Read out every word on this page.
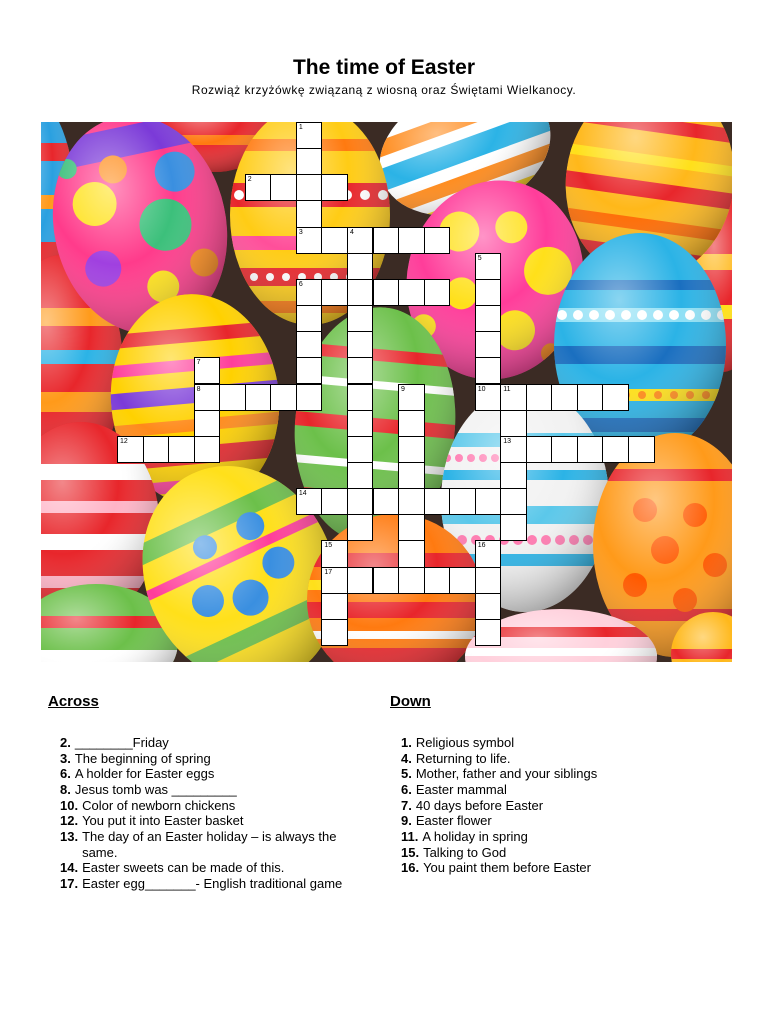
The time of Easter
Rozwiąż krzyżówkę związaną z wiosną oraz Świętami Wielkanocy.
1
3
2
4
5
10
6
7
8	9	11
13
12
14
15
17
16
Across	Down
2. ________Friday
3. The beginning of spring
6. A holder for Easter eggs
8. Jesus tomb was _________
10. Color of newborn chickens
12. You put it into Easter basket
13. The day of an Easter holiday – is always the same.
14. Easter sweets can be made of this.
17. Easter egg_______- English traditional game
1. Religious symbol
4. Returning to life.
5. Mother, father and your siblings
6. Easter mammal
7. 40 days before Easter
9. Easter flower
11. A holiday in spring
15. Talking to God
16. You paint them before Easter
